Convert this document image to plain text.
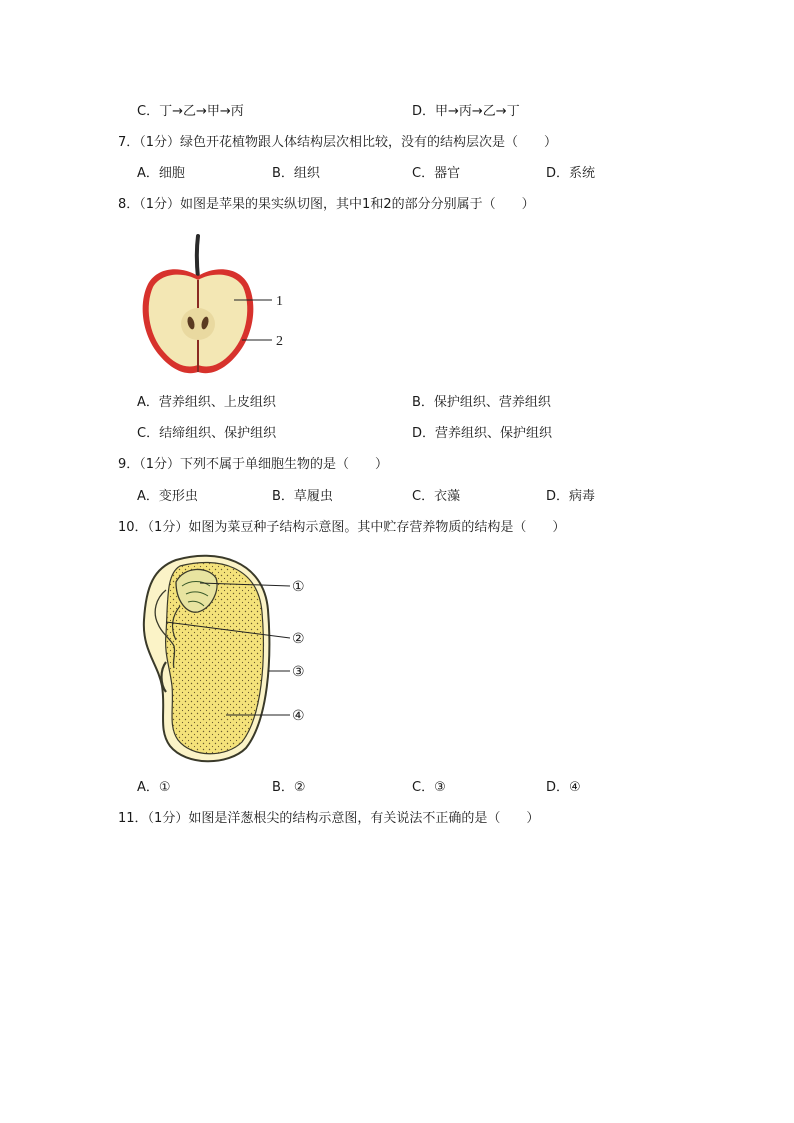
C．丁→乙→甲→丙	D．甲→丙→乙→丁
7．（1分）绿色开花植物跟人体结构层次相比较，没有的结构层次是（　　）
A．细胞	B．组织	C．器官	D．系统
8．（1分）如图是苹果的果实纵切图，其中1和2的部分分别属于（　　）
1
2
A．营养组织、上皮组织	B．保护组织、营养组织
C．结缔组织、保护组织	D．营养组织、保护组织
9．（1分）下列不属于单细胞生物的是（　　）
A．变形虫	B．草履虫	C．衣藻	D．病毒
10．（1分）如图为菜豆种子结构示意图。其中贮存营养物质的结构是（　　）
①
②
③
④
A．①	B．②	C．③	D．④
11．（1分）如图是洋葱根尖的结构示意图，有关说法不正确的是（　　）
